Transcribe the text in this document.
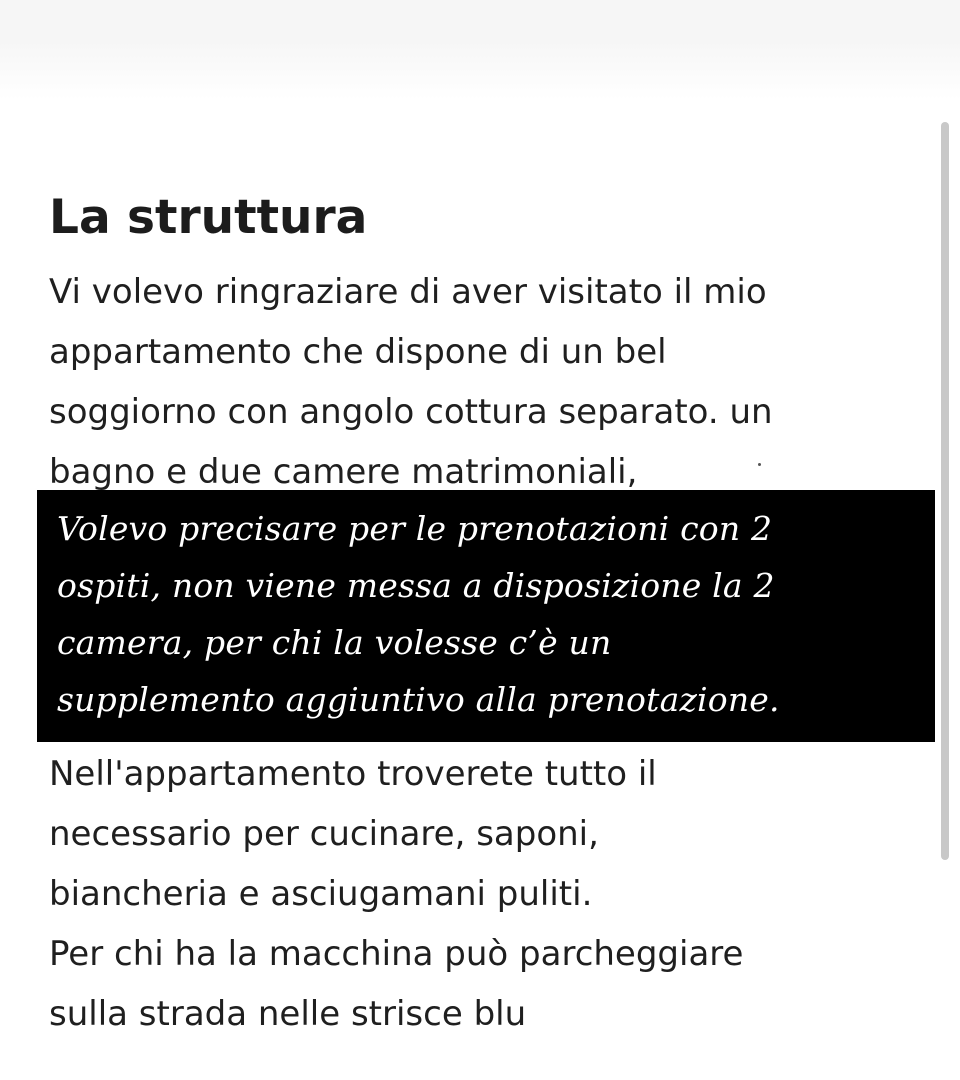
La struttura

Vi volevo ringraziare di aver visitato il mio
appartamento che dispone di un bel
soggiorno con angolo cottura separato. un
bagno e due camere matrimoniali,

Volevo precisare per le prenotazioni con 2
ospiti, non viene messa a disposizione la 2
camera, per chi la volesse c’è un
supplemento aggiuntivo alla prenotazione.

Nell'appartamento troverete tutto il
necessario per cucinare, saponi,
biancheria e asciugamani puliti.
Per chi ha la macchina può parcheggiare
sulla strada nelle strisce blu
